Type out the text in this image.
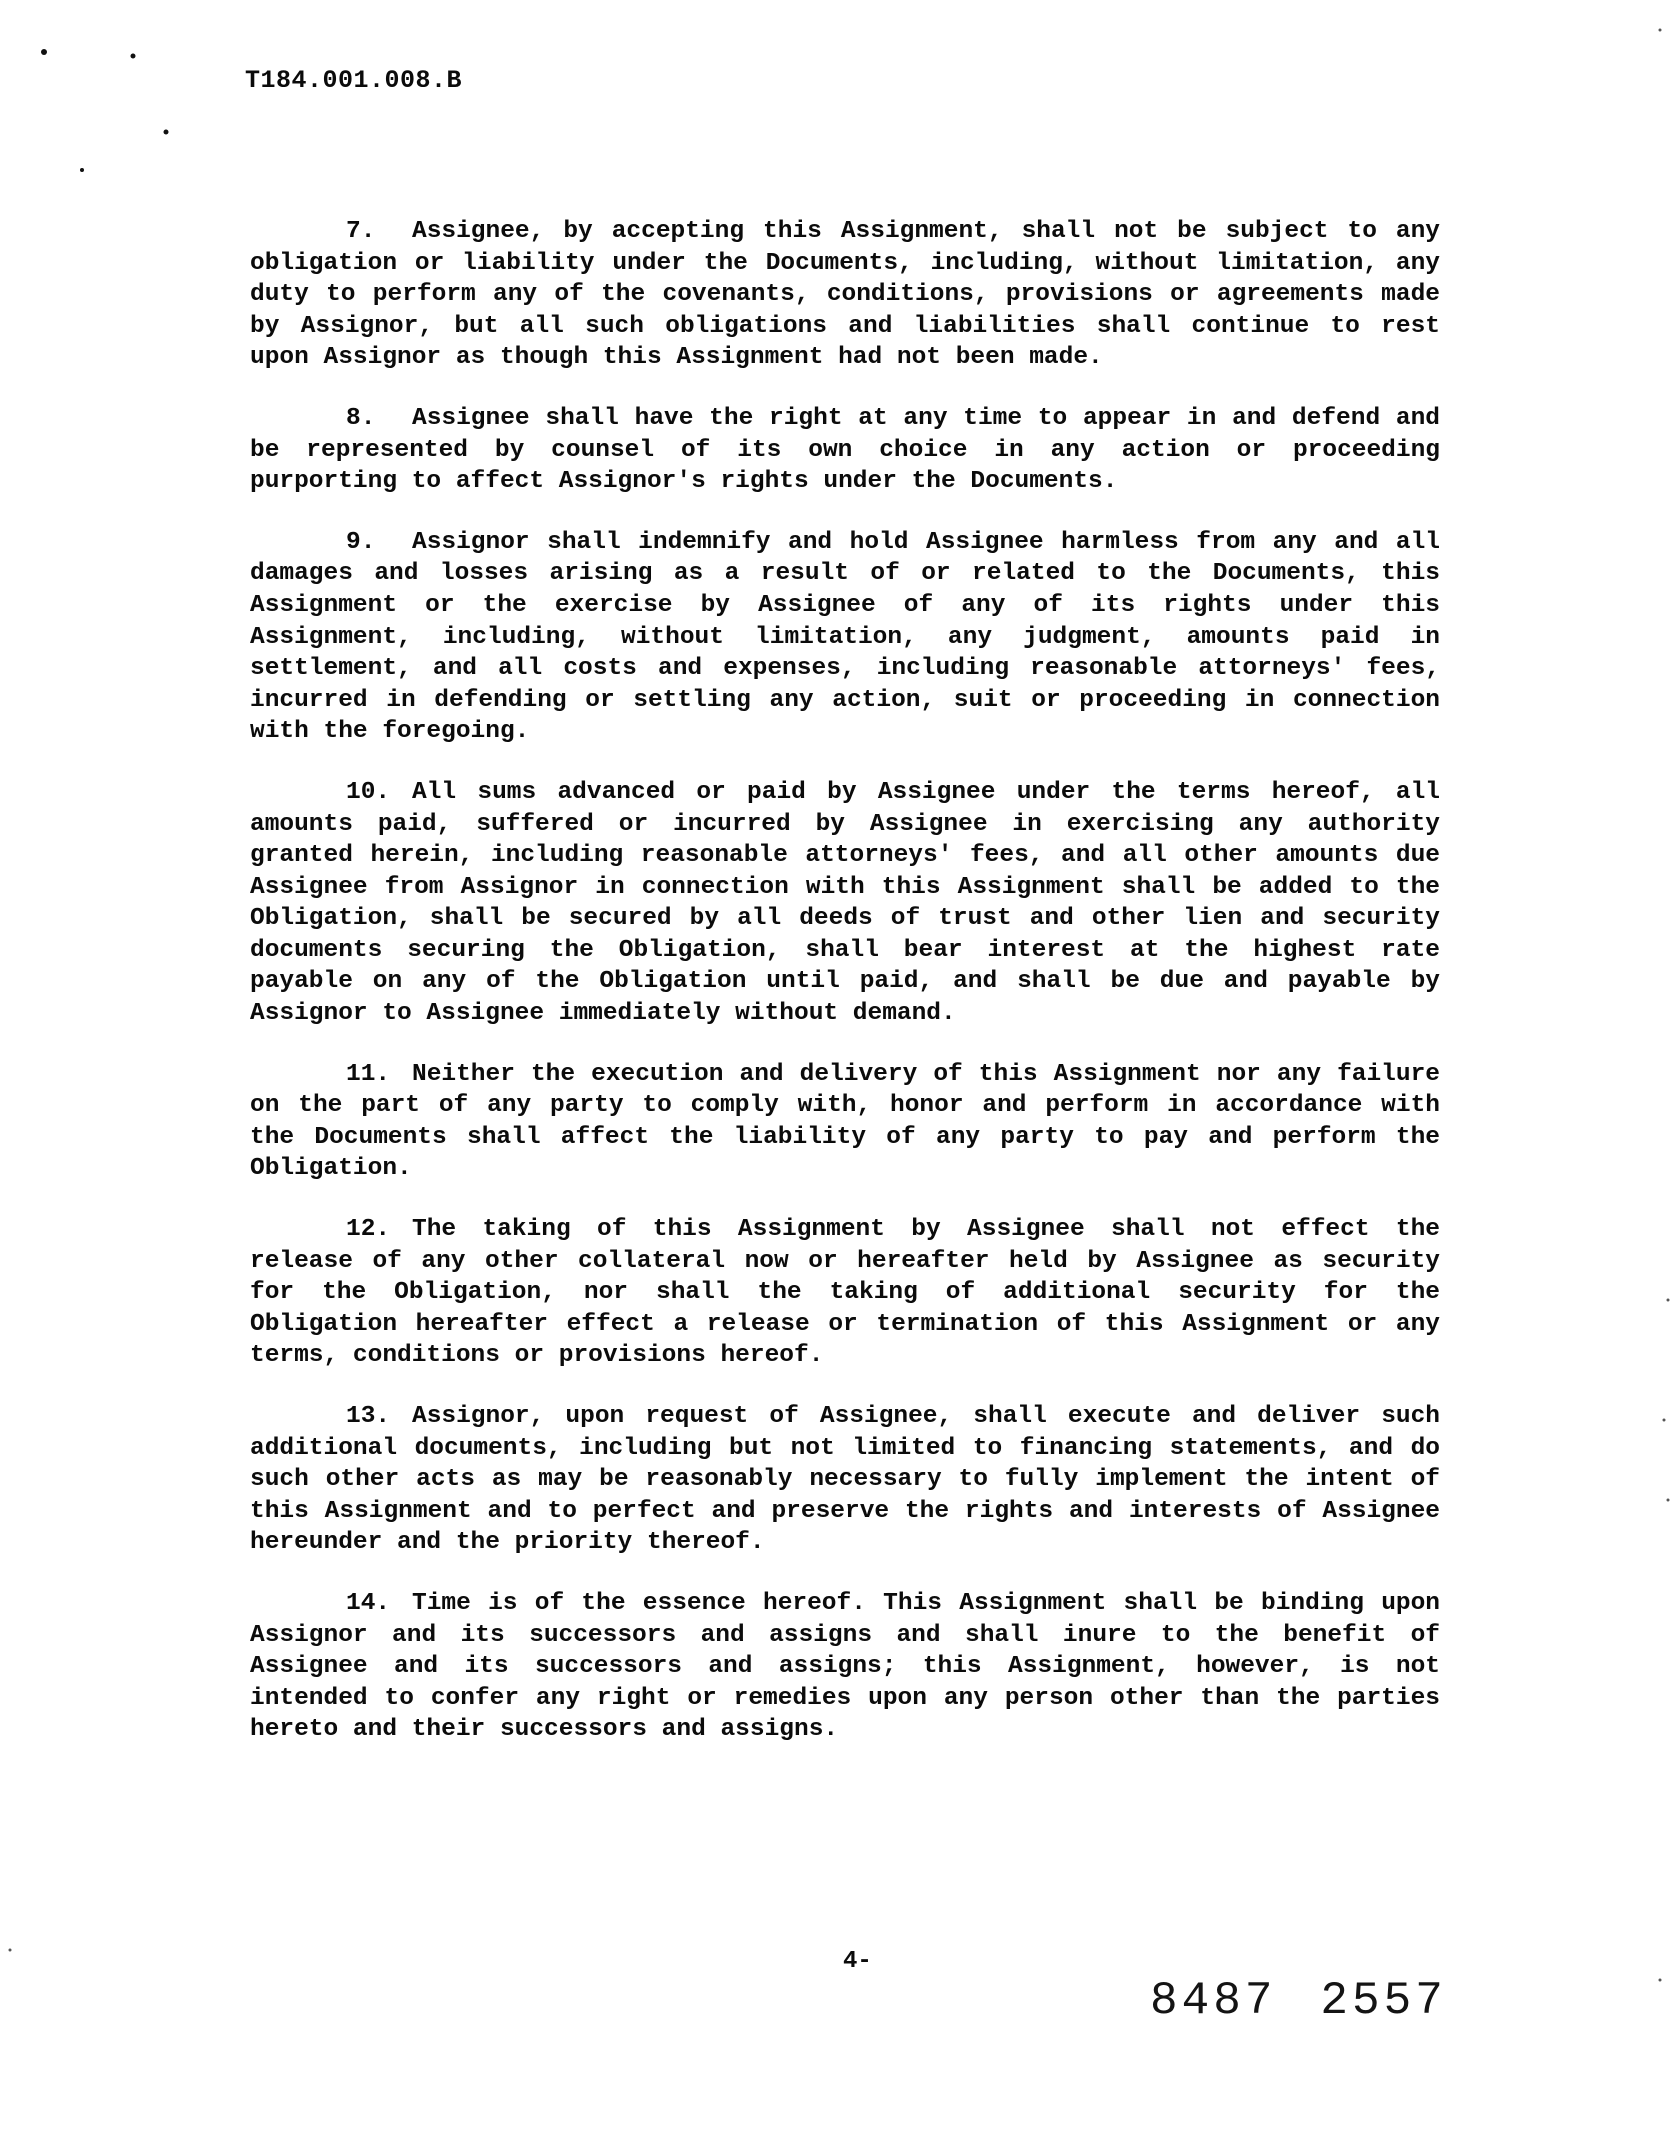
T184.001.008.B

7. Assignee, by accepting this Assignment, shall not be subject to any obligation or liability under the Documents, including, without limitation, any duty to perform any of the covenants, conditions, provisions or agreements made by Assignor, but all such obligations and liabilities shall continue to rest upon Assignor as though this Assignment had not been made.

8. Assignee shall have the right at any time to appear in and defend and be represented by counsel of its own choice in any action or proceeding purporting to affect Assignor's rights under the Documents.

9. Assignor shall indemnify and hold Assignee harmless from any and all damages and losses arising as a result of or related to the Documents, this Assignment or the exercise by Assignee of any of its rights under this Assignment, including, without limitation, any judgment, amounts paid in settlement, and all costs and expenses, including reasonable attorneys' fees, incurred in defending or settling any action, suit or proceeding in connection with the foregoing.

10. All sums advanced or paid by Assignee under the terms hereof, all amounts paid, suffered or incurred by Assignee in exercising any authority granted herein, including reasonable attorneys' fees, and all other amounts due Assignee from Assignor in connection with this Assignment shall be added to the Obligation, shall be secured by all deeds of trust and other lien and security documents securing the Obligation, shall bear interest at the highest rate payable on any of the Obligation until paid, and shall be due and payable by Assignor to Assignee immediately without demand.

11. Neither the execution and delivery of this Assignment nor any failure on the part of any party to comply with, honor and perform in accordance with the Documents shall affect the liability of any party to pay and perform the Obligation.

12. The taking of this Assignment by Assignee shall not effect the release of any other collateral now or hereafter held by Assignee as security for the Obligation, nor shall the taking of additional security for the Obligation hereafter effect a release or termination of this Assignment or any terms, conditions or provisions hereof.

13. Assignor, upon request of Assignee, shall execute and deliver such additional documents, including but not limited to financing statements, and do such other acts as may be reasonably necessary to fully implement the intent of this Assignment and to perfect and preserve the rights and interests of Assignee hereunder and the priority thereof.

14. Time is of the essence hereof. This Assignment shall be binding upon Assignor and its successors and assigns and shall inure to the benefit of Assignee and its successors and assigns; this Assignment, however, is not intended to confer any right or remedies upon any person other than the parties hereto and their successors and assigns.

4-
8487 2557
